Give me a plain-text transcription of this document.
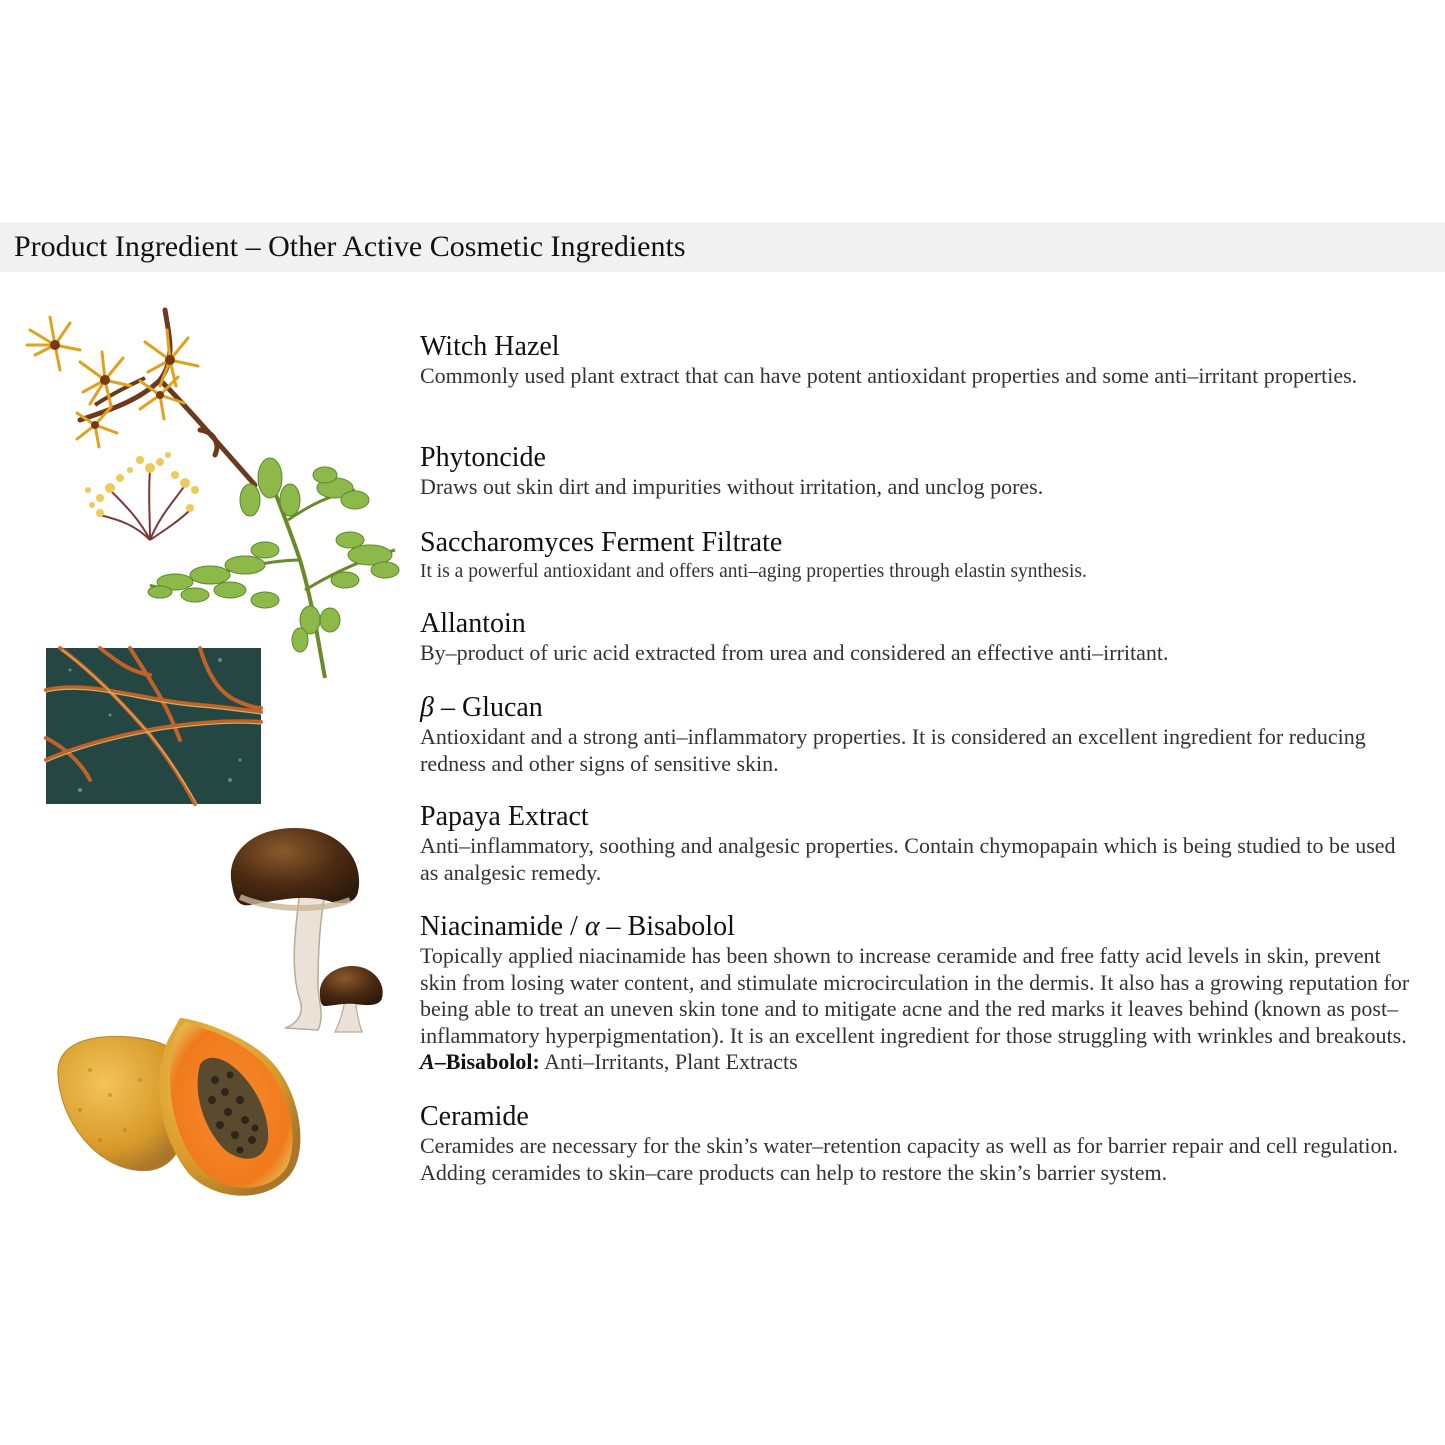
Product Ingredient – Other Active Cosmetic Ingredients
Witch Hazel
Commonly used plant extract that can have potent antioxidant properties and some anti–irritant properties.
Phytoncide
Draws out skin dirt and impurities without irritation, and unclog pores.
Saccharomyces Ferment Filtrate
It is a powerful antioxidant and offers anti–aging properties through elastin synthesis.
Allantoin
By–product of uric acid extracted from urea and considered an effective anti–irritant.
β – Glucan
Antioxidant and a strong anti–inflammatory properties. It is considered an excellent ingredient for reducing redness and other signs of sensitive skin.
Papaya Extract
Anti–inflammatory, soothing and analgesic properties. Contain chymopapain which is being studied to be used as analgesic remedy.
Niacinamide / α – Bisabolol
Topically applied niacinamide has been shown to increase ceramide and free fatty acid levels in skin, prevent skin from losing water content, and stimulate microcirculation in the dermis. It also has a growing reputation for being able to treat an uneven skin tone and to mitigate acne and the red marks it leaves behind (known as post–inflammatory hyperpigmentation). It is an excellent ingredient for those struggling with wrinkles and breakouts. A–Bisabolol: Anti–Irritants, Plant Extracts
Ceramide
Ceramides are necessary for the skin’s water–retention capacity as well as for barrier repair and cell regulation. Adding ceramides to skin–care products can help to restore the skin’s barrier system.
